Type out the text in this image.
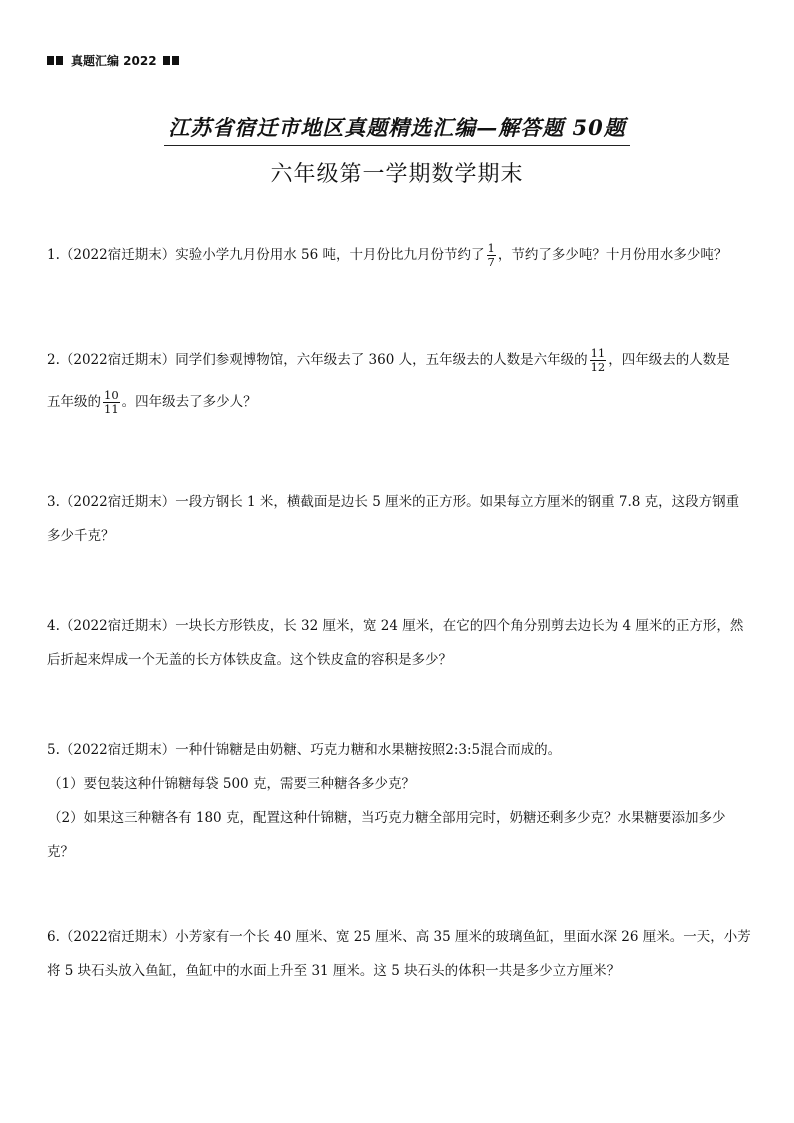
真题汇编 2022
江苏省宿迁市地区真题精选汇编—解答题 50题
六年级第一学期数学期末
1.（2022宿迁期末）实验小学九月份用水 56 吨，十月份比九月份节约了 $\frac{1}{7}$ ，节约了多少吨？十月份用水多少吨？
2.（2022宿迁期末）同学们参观博物馆，六年级去了 360 人，五年级去的人数是六年级的 $\frac{11}{12}$ ，四年级去的人数是
五年级的 $\frac{10}{11}$ 。四年级去了多少人？
3.（2022宿迁期末）一段方钢长 1 米，横截面是边长 5 厘米的正方形。如果每立方厘米的钢重 7.8 克，这段方钢重
多少千克？
4.（2022宿迁期末）一块长方形铁皮，长 32 厘米，宽 24 厘米，在它的四个角分别剪去边长为 4 厘米的正方形，然
后折起来焊成一个无盖的长方体铁皮盒。这个铁皮盒的容积是多少？
5.（2022宿迁期末）一种什锦糖是由奶糖、巧克力糖和水果糖按照2:3:5混合而成的。
（1）要包装这种什锦糖每袋 500 克，需要三种糖各多少克？
（2）如果这三种糖各有 180 克，配置这种什锦糖，当巧克力糖全部用完时，奶糖还剩多少克？水果糖要添加多少
克？
6.（2022宿迁期末）小芳家有一个长 40 厘米、宽 25 厘米、高 35 厘米的玻璃鱼缸，里面水深 26 厘米。一天，小芳
将 5 块石头放入鱼缸，鱼缸中的水面上升至 31 厘米。这 5 块石头的体积一共是多少立方厘米？
